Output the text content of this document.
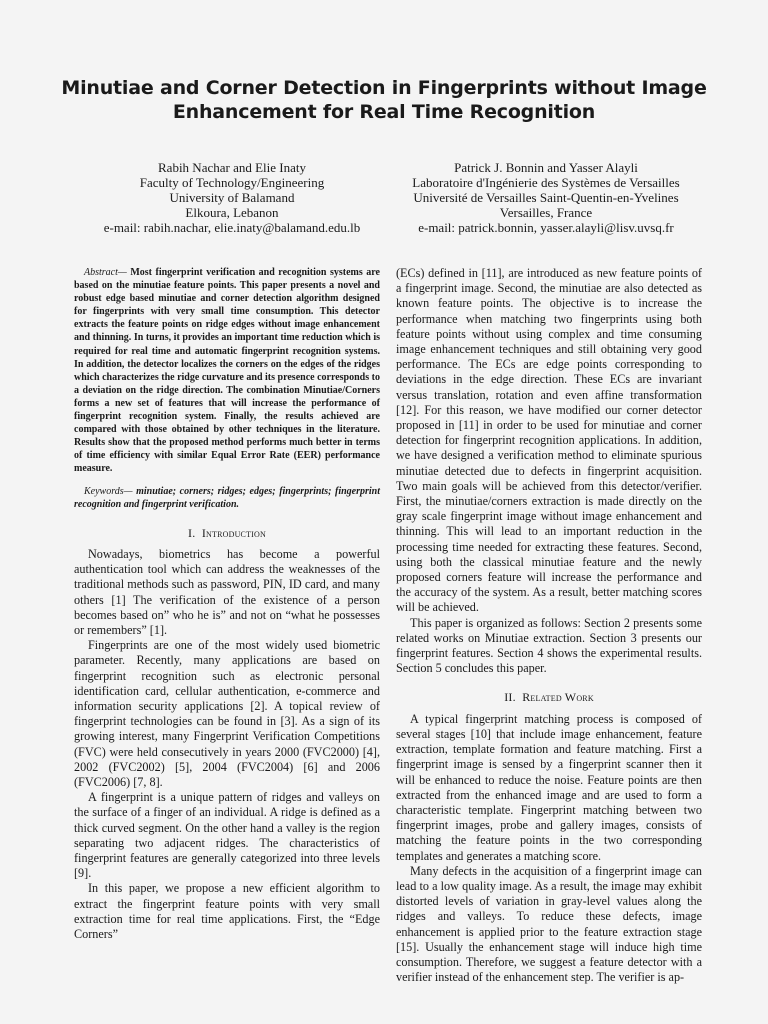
Minutiae and Corner Detection in Fingerprints without Image Enhancement for Real Time Recognition
Rabih Nachar and Elie Inaty
Faculty of Technology/Engineering
University of Balamand
Elkoura, Lebanon
e-mail: rabih.nachar, elie.inaty@balamand.edu.lb
Patrick J. Bonnin and Yasser Alayli
Laboratoire d'Ingénierie des Systèmes de Versailles
Université de Versailles Saint-Quentin-en-Yvelines
Versailles, France
e-mail: patrick.bonnin, yasser.alayli@lisv.uvsq.fr

Abstract— Most fingerprint verification and recognition systems are based on the minutiae feature points. This paper presents a novel and robust edge based minutiae and corner detection algorithm designed for fingerprints with very small time consumption. This detector extracts the feature points on ridge edges without image enhancement and thinning. In turns, it provides an important time reduction which is required for real time and automatic fingerprint recognition systems. In addition, the detector localizes the corners on the edges of the ridges which characterizes the ridge curvature and its presence corresponds to a deviation on the ridge direction. The combination Minutiae/Corners forms a new set of features that will increase the performance of fingerprint recognition system. Finally, the results achieved are compared with those obtained by other techniques in the literature. Results show that the proposed method performs much better in terms of time efficiency with similar Equal Error Rate (EER) performance measure.

Keywords— minutiae; corners; ridges; edges; fingerprints; fingerprint recognition and fingerprint verification.

I. Introduction

Nowadays, biometrics has become a powerful authentication tool which can address the weaknesses of the traditional methods such as password, PIN, ID card, and many others [1] The verification of the existence of a person becomes based on” who he is” and not on “what he possesses or remembers” [1].

Fingerprints are one of the most widely used biometric parameter. Recently, many applications are based on fingerprint recognition such as electronic personal identification card, cellular authentication, e-commerce and information security applications [2]. A topical review of fingerprint technologies can be found in [3]. As a sign of its growing interest, many Fingerprint Verification Competitions (FVC) were held consecutively in years 2000 (FVC2000) [4], 2002 (FVC2002) [5], 2004 (FVC2004) [6] and 2006 (FVC2006) [7, 8].

A fingerprint is a unique pattern of ridges and valleys on the surface of a finger of an individual. A ridge is defined as a thick curved segment. On the other hand a valley is the region separating two adjacent ridges. The characteristics of fingerprint features are generally categorized into three levels [9].

In this paper, we propose a new efficient algorithm to extract the fingerprint feature points with very small extraction time for real time applications. First, the “Edge Corners”

(ECs) defined in [11], are introduced as new feature points of a fingerprint image. Second, the minutiae are also detected as known feature points. The objective is to increase the performance when matching two fingerprints using both feature points without using complex and time consuming image enhancement techniques and still obtaining very good performance. The ECs are edge points corresponding to deviations in the edge direction. These ECs are invariant versus translation, rotation and even affine transformation [12]. For this reason, we have modified our corner detector proposed in [11] in order to be used for minutiae and corner detection for fingerprint recognition applications. In addition, we have designed a verification method to eliminate spurious minutiae detected due to defects in fingerprint acquisition. Two main goals will be achieved from this detector/verifier. First, the minutiae/corners extraction is made directly on the gray scale fingerprint image without image enhancement and thinning. This will lead to an important reduction in the processing time needed for extracting these features. Second, using both the classical minutiae feature and the newly proposed corners feature will increase the performance and the accuracy of the system. As a result, better matching scores will be achieved.

This paper is organized as follows: Section 2 presents some related works on Minutiae extraction. Section 3 presents our fingerprint features. Section 4 shows the experimental results. Section 5 concludes this paper.

II. Related Work

A typical fingerprint matching process is composed of several stages [10] that include image enhancement, feature extraction, template formation and feature matching. First a fingerprint image is sensed by a fingerprint scanner then it will be enhanced to reduce the noise. Feature points are then extracted from the enhanced image and are used to form a characteristic template. Fingerprint matching between two fingerprint images, probe and gallery images, consists of matching the feature points in the two corresponding templates and generates a matching score.

Many defects in the acquisition of a fingerprint image can lead to a low quality image. As a result, the image may exhibit distorted levels of variation in gray-level values along the ridges and valleys. To reduce these defects, image enhancement is applied prior to the feature extraction stage [15]. Usually the enhancement stage will induce high time consumption. Therefore, we suggest a feature detector with a verifier instead of the enhancement step. The verifier is ap-
